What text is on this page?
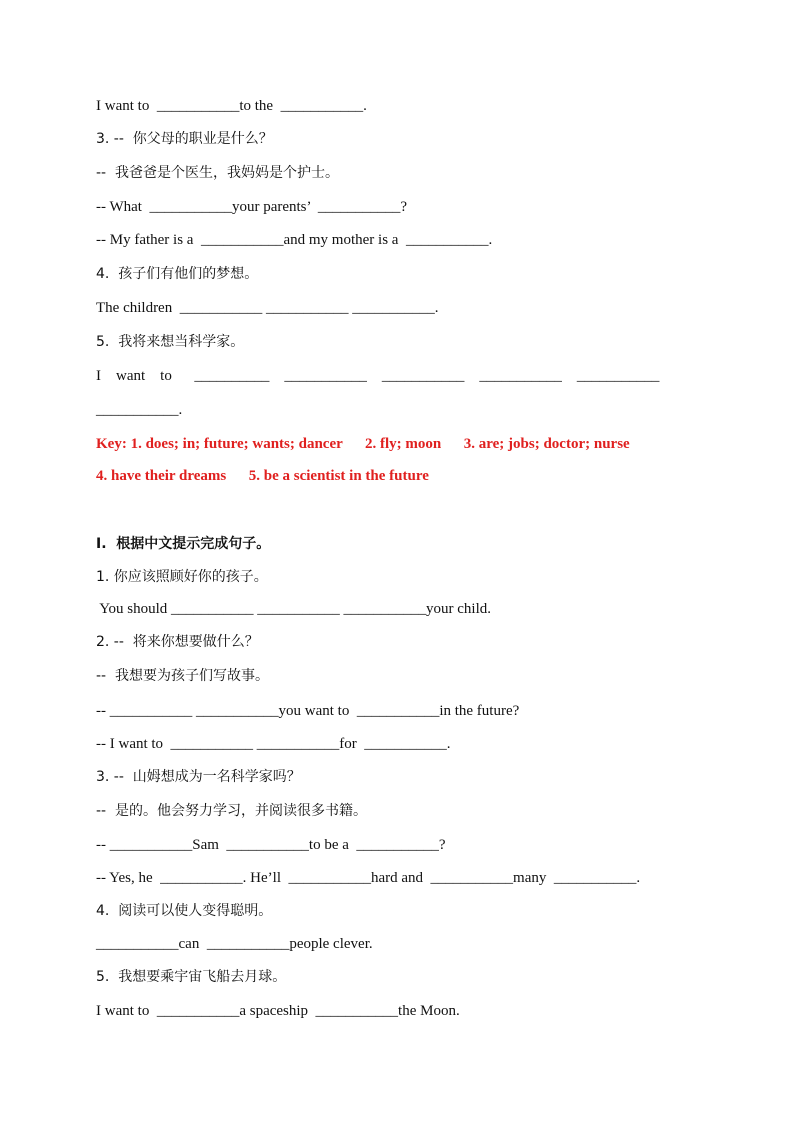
I want to  ___________to the  ___________.
3. --  你父母的职业是什么？
--  我爸爸是个医生，我妈妈是个护士。
-- What  ___________your parents’  ___________?
-- My father is a  ___________and my mother is a  ___________.
4.  孩子们有他们的梦想。
The children  ___________ ___________ ___________.
5.  我将来想当科学家。
I    want    to      __________    ___________    ___________    ___________    ___________
___________.
Key: 1. does; in; future; wants; dancer      2. fly; moon      3. are; jobs; doctor; nurse
4. have their dreams      5. be a scientist in the future
I.  根据中文提示完成句子。
1. 你应该照顾好你的孩子。
You should ___________ ___________ ___________your child.
2. --  将来你想要做什么？
--  我想要为孩子们写故事。
-- ___________ ___________you want to  ___________in the future?
-- I want to  ___________ ___________for  ___________.
3. --  山姆想成为一名科学家吗？
--  是的。他会努力学习，并阅读很多书籍。
-- ___________Sam  ___________to be a  ___________?
-- Yes, he  ___________. He’ll  ___________hard and  ___________many  ___________.
4.  阅读可以使人变得聪明。
___________can  ___________people clever.
5.  我想要乘宇宙飞船去月球。
I want to  ___________a spaceship  ___________the Moon.
